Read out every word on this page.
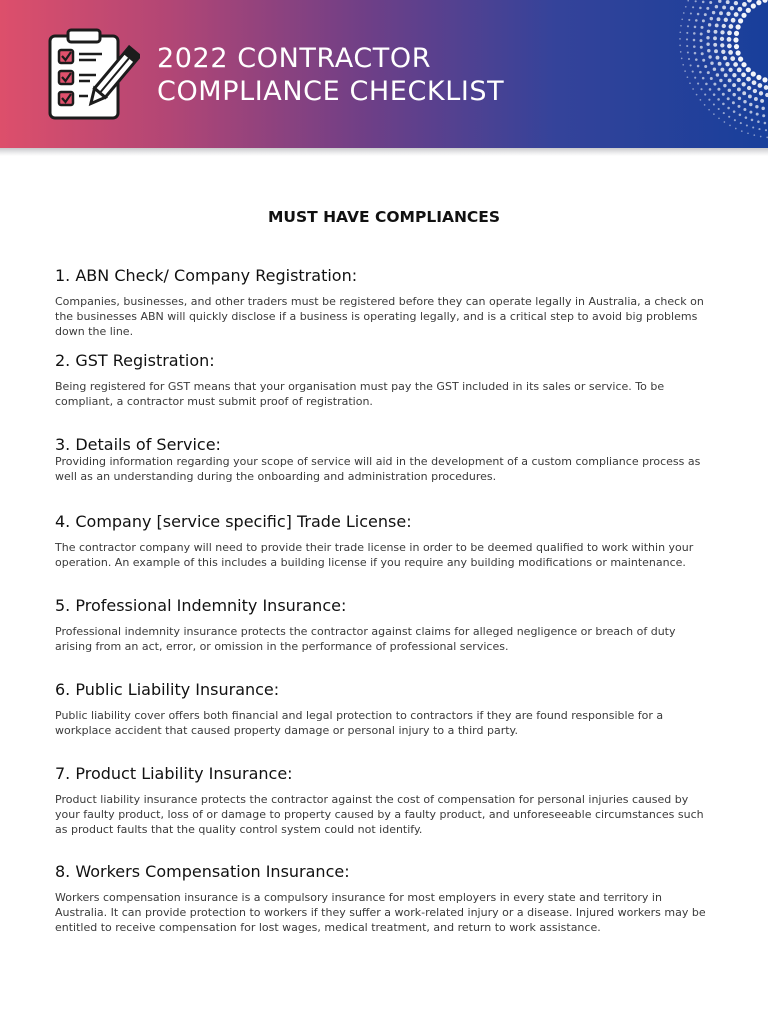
2022 CONTRACTOR
COMPLIANCE CHECKLIST
MUST HAVE COMPLIANCES
1. ABN Check/ Company Registration:

Companies, businesses, and other traders must be registered before they can operate legally in Australia, a check on the businesses ABN will quickly disclose if a business is operating legally, and is a critical step to avoid big problems down the line.

2. GST Registration:

Being registered for GST means that your organisation must pay the GST included in its sales or service. To be compliant, a contractor must submit proof of registration.

3. Details of Service:

Providing information regarding your scope of service will aid in the development of a custom compliance process as well as an understanding during the onboarding and administration procedures.

4. Company [service specific] Trade License:

The contractor company will need to provide their trade license in order to be deemed qualified to work within your operation. An example of this includes a building license if you require any building modifications or maintenance.

5. Professional Indemnity Insurance:

Professional indemnity insurance protects the contractor against claims for alleged negligence or breach of duty arising from an act, error, or omission in the performance of professional services.

6. Public Liability Insurance:

Public liability cover offers both financial and legal protection to contractors if they are found responsible for a workplace accident that caused property damage or personal injury to a third party.

7. Product Liability Insurance:

Product liability insurance protects the contractor against the cost of compensation for personal injuries caused by your faulty product, loss of or damage to property caused by a faulty product, and unforeseeable circumstances such as product faults that the quality control system could not identify.

8. Workers Compensation Insurance:

Workers compensation insurance is a compulsory insurance for most employers in every state and territory in Australia. It can provide protection to workers if they suffer a work-related injury or a disease. Injured workers may be entitled to receive compensation for lost wages, medical treatment, and return to work assistance.
